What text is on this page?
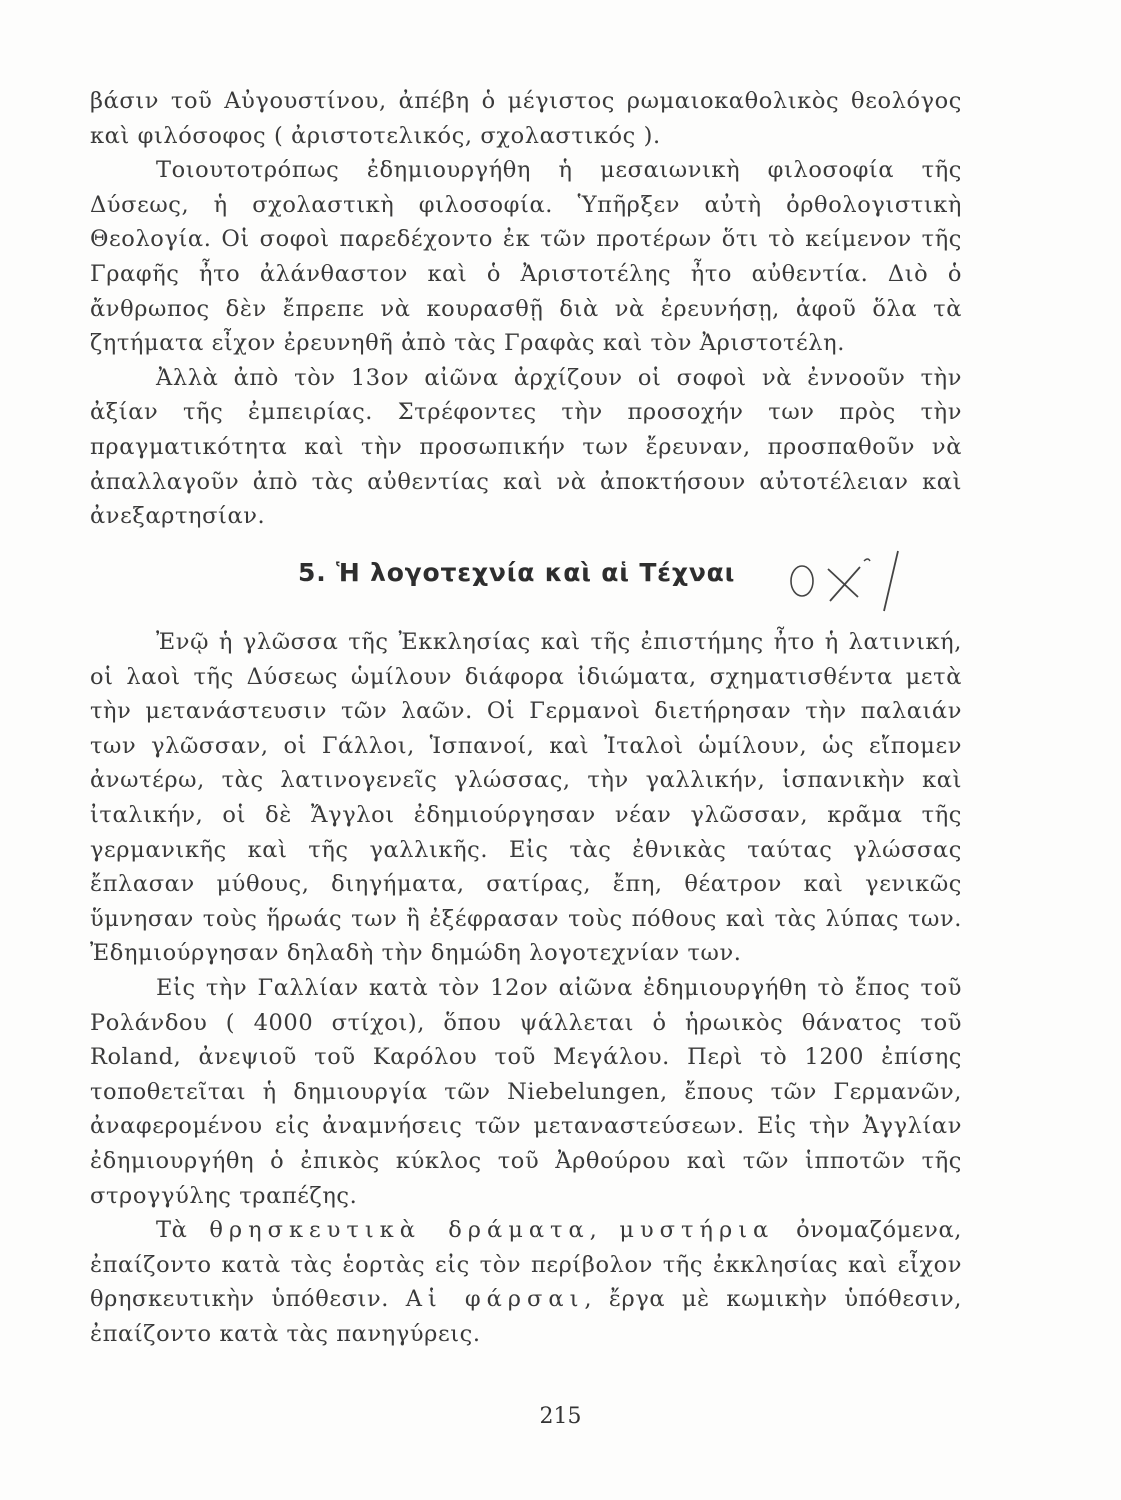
βάσιν τοῦ Αὐγουστίνου, ἀπέβη ὁ μέγιστος ρωμαιοκαθολικὸς θεολόγος καὶ φιλόσοφος ( ἀριστοτελικός, σχολαστικός ).

Τοιουτοτρόπως ἐδημιουργήθη ἡ μεσαιωνικὴ φιλοσοφία τῆς Δύσεως, ἡ σχολαστικὴ φιλοσοφία. Ὑπῆρξεν αὐτὴ ὀρθολογιστικὴ Θεολογία. Οἱ σοφοὶ παρεδέχοντο ἐκ τῶν προτέρων ὅτι τὸ κείμενον τῆς Γραφῆς ἦτο ἀλάνθαστον καὶ ὁ Ἀριστοτέλης ἦτο αὐθεντία. Διὸ ὁ ἄνθρωπος δὲν ἔπρεπε νὰ κουρασθῇ διὰ νὰ ἐρευνήσῃ, ἀφοῦ ὅλα τὰ ζητήματα εἶχον ἐρευνηθῆ ἀπὸ τὰς Γραφὰς καὶ τὸν Ἀριστοτέλη.

Ἀλλὰ ἀπὸ τὸν 13ον αἰῶνα ἀρχίζουν οἱ σοφοὶ νὰ ἐννοοῦν τὴν ἀξίαν τῆς ἐμπειρίας. Στρέφοντες τὴν προσοχήν των πρὸς τὴν πραγματικότητα καὶ τὴν προσωπικήν των ἔρευναν, προσπαθοῦν νὰ ἀπαλλαγοῦν ἀπὸ τὰς αὐθεντίας καὶ νὰ ἀποκτήσουν αὐτοτέλειαν καὶ ἀνεξαρτησίαν.

5. Ἡ λογοτεχνία καὶ αἱ Τέχναι

Ἐνῷ ἡ γλῶσσα τῆς Ἐκκλησίας καὶ τῆς ἐπιστήμης ἦτο ἡ λατινική, οἱ λαοὶ τῆς Δύσεως ὡμίλουν διάφορα ἰδιώματα, σχηματισθέντα μετὰ τὴν μετανάστευσιν τῶν λαῶν. Οἱ Γερμανοὶ διετήρησαν τὴν παλαιάν των γλῶσσαν, οἱ Γάλλοι, Ἱσπανοί, καὶ Ἰταλοὶ ὡμίλουν, ὡς εἴπομεν ἀνωτέρω, τὰς λατινογενεῖς γλώσσας, τὴν γαλλικήν, ἱσπανικὴν καὶ ἰταλικήν, οἱ δὲ Ἄγγλοι ἐδημιούργησαν νέαν γλῶσσαν, κρᾶμα τῆς γερμανικῆς καὶ τῆς γαλλικῆς. Εἰς τὰς ἐθνικὰς ταύτας γλώσσας ἔπλασαν μύθους, διηγήματα, σατίρας, ἔπη, θέατρον καὶ γενικῶς ὕμνησαν τοὺς ἥρωάς των ἢ ἐξέφρασαν τοὺς πόθους καὶ τὰς λύπας των. Ἐδημιούργησαν δηλαδὴ τὴν δημώδη λογοτεχνίαν των.

Εἰς τὴν Γαλλίαν κατὰ τὸν 12ον αἰῶνα ἐδημιουργήθη τὸ ἔπος τοῦ Ρολάνδου ( 4000 στίχοι), ὅπου ψάλλεται ὁ ἡρωικὸς θάνατος τοῦ Roland, ἀνεψιοῦ τοῦ Καρόλου τοῦ Μεγάλου. Περὶ τὸ 1200 ἐπίσης τοποθετεῖται ἡ δημιουργία τῶν Niebelungen, ἔπους τῶν Γερμανῶν, ἀναφερομένου εἰς ἀναμνήσεις τῶν μεταναστεύσεων. Εἰς τὴν Ἀγγλίαν ἐδημιουργήθη ὁ ἐπικὸς κύκλος τοῦ Ἀρθούρου καὶ τῶν ἱπποτῶν τῆς στρογγύλης τραπέζης.

Τὰ θρησκευτικὰ δράματα, μυστήρια ὀνομαζόμενα, ἐπαίζοντο κατὰ τὰς ἑορτὰς εἰς τὸν περίβολον τῆς ἐκκλησίας καὶ εἶχον θρησκευτικὴν ὑπόθεσιν. Αἱ φάρσαι, ἔργα μὲ κωμικὴν ὑπόθεσιν, ἐπαίζοντο κατὰ τὰς πανηγύρεις.

215
